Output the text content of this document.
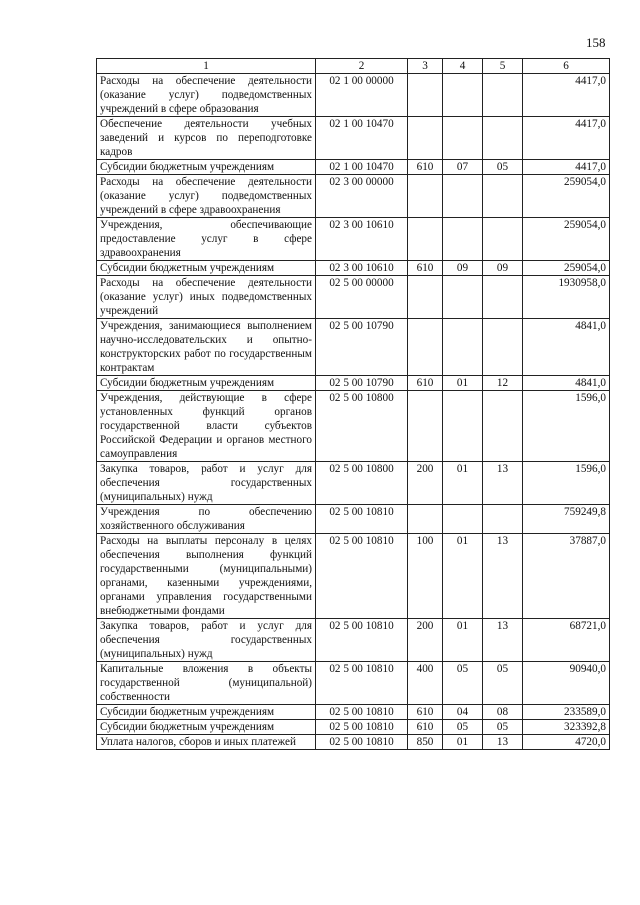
158
1	2	3	4	5	6
Расходы на обеспечение деятельности (оказание услуг) подведомственных учреждений в сфере образования	02 1 00 00000				4417,0
Обеспечение деятельности учебных заведений и курсов по переподготовке кадров	02 1 00 10470				4417,0
Субсидии бюджетным учреждениям	02 1 00 10470	610	07	05	4417,0
Расходы на обеспечение деятельности (оказание услуг) подведомственных учреждений в сфере здравоохранения	02 3 00 00000				259054,0
Учреждения, обеспечивающие предоставление услуг в сфере здравоохранения	02 3 00 10610				259054,0
Субсидии бюджетным учреждениям	02 3 00 10610	610	09	09	259054,0
Расходы на обеспечение деятельности (оказание услуг) иных подведомственных учреждений	02 5 00 00000				1930958,0
Учреждения, занимающиеся выполнением научно-исследовательских и опытно-конструкторских работ по государственным контрактам	02 5 00 10790				4841,0
Субсидии бюджетным учреждениям	02 5 00 10790	610	01	12	4841,0
Учреждения, действующие в сфере установленных функций органов государственной власти субъектов Российской Федерации и органов местного самоуправления	02 5 00 10800				1596,0
Закупка товаров, работ и услуг для обеспечения государственных (муниципальных) нужд	02 5 00 10800	200	01	13	1596,0
Учреждения по обеспечению хозяйственного обслуживания	02 5 00 10810				759249,8
Расходы на выплаты персоналу в целях обеспечения выполнения функций государственными (муниципальными) органами, казенными учреждениями, органами управления государственными внебюджетными фондами	02 5 00 10810	100	01	13	37887,0
Закупка товаров, работ и услуг для обеспечения государственных (муниципальных) нужд	02 5 00 10810	200	01	13	68721,0
Капитальные вложения в объекты государственной (муниципальной) собственности	02 5 00 10810	400	05	05	90940,0
Субсидии бюджетным учреждениям	02 5 00 10810	610	04	08	233589,0
Субсидии бюджетным учреждениям	02 5 00 10810	610	05	05	323392,8
Уплата налогов, сборов и иных платежей	02 5 00 10810	850	01	13	4720,0
